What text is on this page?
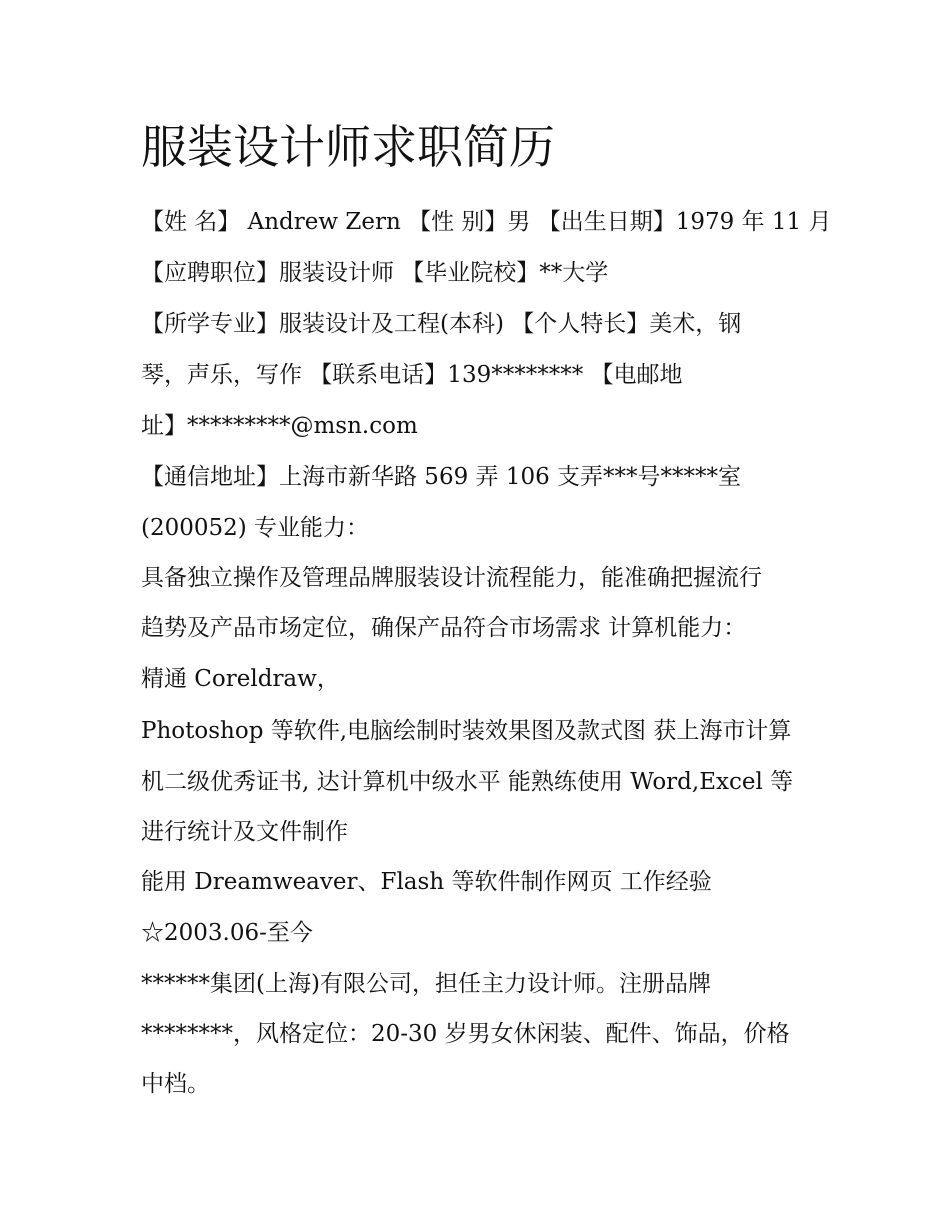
服装设计师求职简历

【姓 名】 Andrew Zern 【性 别】男 【出生日期】1979 年 11 月

【应聘职位】服装设计师 【毕业院校】**大学

【所学专业】服装设计及工程(本科) 【个人特长】美术，钢

琴，声乐，写作 【联系电话】139******** 【电邮地

址】*********@msn.com

【通信地址】上海市新华路 569 弄 106 支弄***号*****室

(200052) 专业能力：

具备独立操作及管理品牌服装设计流程能力，能准确把握流行

趋势及产品市场定位，确保产品符合市场需求 计算机能力：

精通 Coreldraw，

Photoshop 等软件,电脑绘制时装效果图及款式图 获上海市计算

机二级优秀证书, 达计算机中级水平 能熟练使用 Word,Excel 等

进行统计及文件制作

能用 Dreamweaver、Flash 等软件制作网页 工作经验

☆2003.06-至今

******集团(上海)有限公司，担任主力设计师。注册品牌

********，风格定位：20-30 岁男女休闲装、配件、饰品，价格

中档。
